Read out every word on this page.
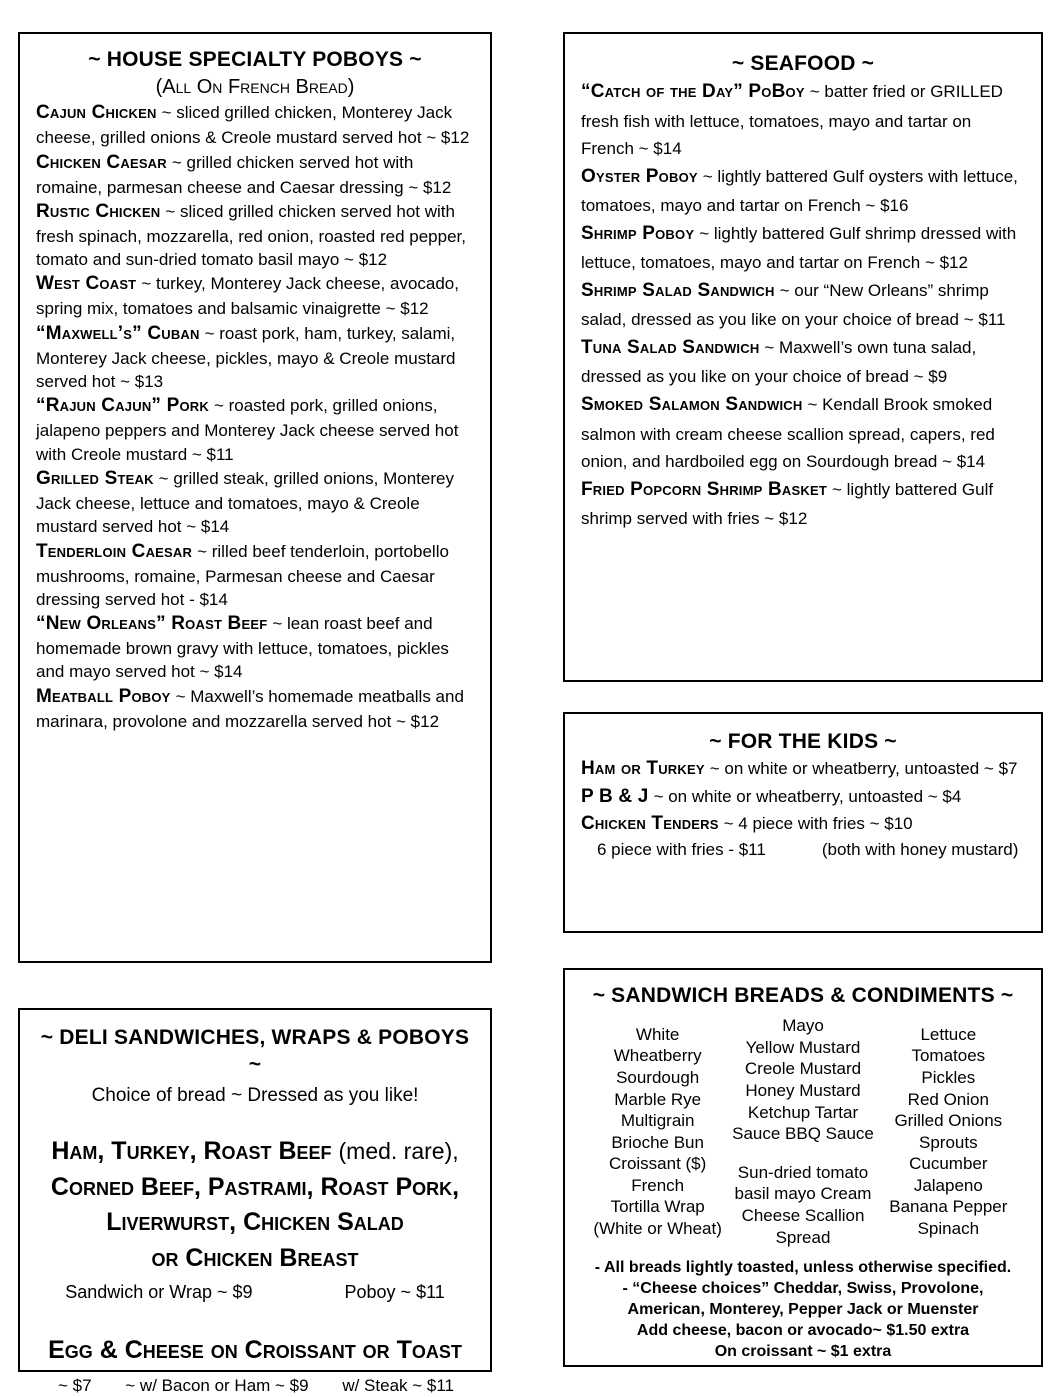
~ HOUSE SPECIALTY POBOYS ~
(All On French Bread)

Cajun Chicken ~ sliced grilled chicken, Monterey Jack cheese, grilled onions & Creole mustard served hot ~ $12

Chicken Caesar ~ grilled chicken served hot with romaine, parmesan cheese and Caesar dressing ~ $12

Rustic Chicken ~ sliced grilled chicken served hot with fresh spinach, mozzarella, red onion, roasted red pepper, tomato and sun-dried tomato basil mayo ~ $12

West Coast ~ turkey, Monterey Jack cheese, avocado, spring mix, tomatoes and balsamic vinaigrette ~ $12

“Maxwell’s” Cuban ~ roast pork, ham, turkey, salami, Monterey Jack cheese, pickles, mayo & Creole mustard served hot ~ $13

“Rajun Cajun” Pork ~ roasted pork, grilled onions, jalapeno peppers and Monterey Jack cheese served hot with Creole mustard ~ $11

Grilled Steak ~ grilled steak, grilled onions, Monterey Jack cheese, lettuce and tomatoes, mayo & Creole mustard served hot ~ $14

Tenderloin Caesar ~ rilled beef tenderloin, portobello mushrooms, romaine, Parmesan cheese and Caesar dressing served hot - $14

“New Orleans” Roast Beef ~ lean roast beef and homemade brown gravy with lettuce, tomatoes, pickles and mayo served hot ~ $14

Meatball Poboy ~ Maxwell’s homemade meatballs and marinara, provolone and mozzarella served hot ~ $12

~ SEAFOOD ~

“Catch of the Day” PoBoy ~ batter fried or GRILLED fresh fish with lettuce, tomatoes, mayo and tartar on French ~ $14

Oyster Poboy ~ lightly battered Gulf oysters with lettuce, tomatoes, mayo and tartar on French ~ $16

Shrimp Poboy ~ lightly battered Gulf shrimp dressed with lettuce, tomatoes, mayo and tartar on French ~ $12

Shrimp Salad Sandwich ~ our “New Orleans” shrimp salad, dressed as you like on your choice of bread ~ $11

Tuna Salad Sandwich ~ Maxwell’s own tuna salad, dressed as you like on your choice of bread ~ $9

Smoked Salamon Sandwich ~ Kendall Brook smoked salmon with cream cheese scallion spread, capers, red onion, and hardboiled egg on Sourdough bread ~ $14

Fried Popcorn Shrimp Basket ~ lightly battered Gulf shrimp served with fries ~ $12

~ FOR THE KIDS ~

Ham or Turkey ~ on white or wheatberry, untoasted ~ $7

P B & J ~ on white or wheatberry, untoasted ~ $4

Chicken Tenders ~ 4 piece with fries ~ $10

6 piece with fries - $11	(both with honey mustard)

~ DELI SANDWICHES, WRAPS & POBOYS ~
Choice of bread ~ Dressed as you like!

Ham, Turkey, Roast Beef (med. rare),

Corned Beef, Pastrami, Roast Pork,

Liverwurst, Chicken Salad

or Chicken Breast

Sandwich or Wrap ~ $9	Poboy ~ $11

Egg & Cheese on Croissant or Toast

~ $7 ~ w/ Bacon or Ham ~ $9 w/ Steak ~ $11
~ SANDWICH BREADS & CONDIMENTS ~
White
Wheatberry
Sourdough
Marble Rye
Multigrain
Brioche Bun
Croissant ($)
French
Tortilla Wrap
(White or Wheat)
Mayo
Yellow Mustard
Creole Mustard
Honey Mustard
Ketchup Tartar
Sauce BBQ Sauce
Sun-dried tomato
basil mayo Cream
Cheese Scallion
Spread
Lettuce
Tomatoes
Pickles
Red Onion
Grilled Onions
Sprouts
Cucumber
Jalapeno
Banana Pepper
Spinach
- All breads lightly toasted, unless otherwise specified.
- “Cheese choices” Cheddar, Swiss, Provolone,
American, Monterey, Pepper Jack or Muenster
Add cheese, bacon or avocado~ $1.50 extra
On croissant ~ $1 extra
